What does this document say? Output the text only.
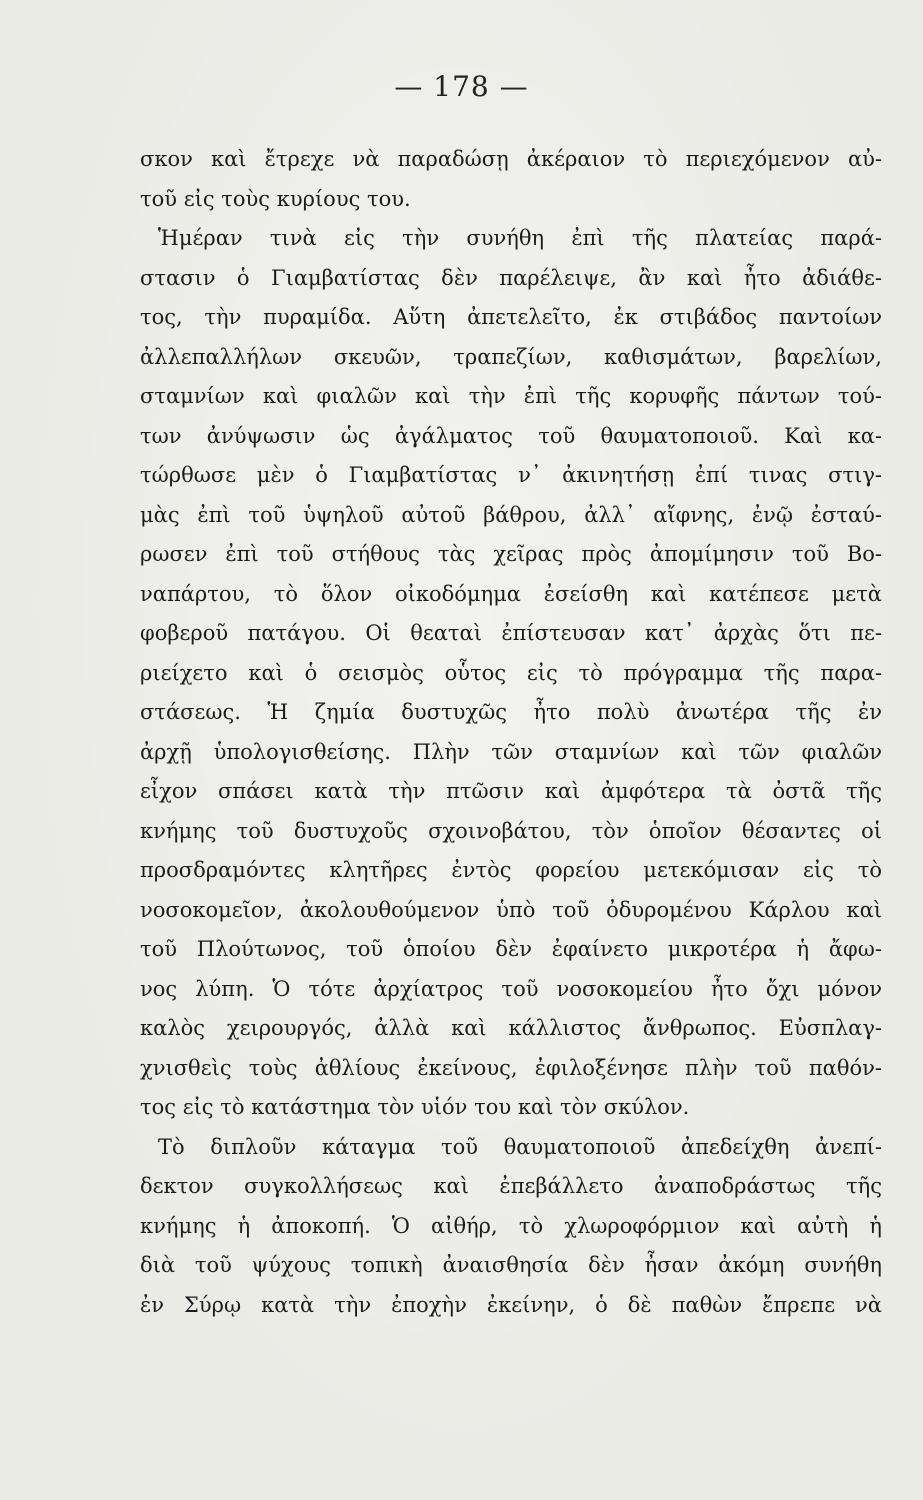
— 178 —
σκον καὶ ἔτρεχε νὰ παραδώσῃ ἀκέραιον τὸ περιεχόμενον αὐ-
τοῦ εἰς τοὺς κυρίους του.
Ἡμέραν τινὰ εἰς τὴν συνήθη ἐπὶ τῆς πλατείας παρά-
στασιν ὁ Γιαμβατίστας δὲν παρέλειψε, ἂν καὶ ἦτο ἀδιάθε-
τος, τὴν πυραμίδα. Αὕτη ἀπετελεῖτο, ἐκ στιβάδος παντοίων
ἀλλεπαλλήλων σκευῶν, τραπεζίων, καθισμάτων, βαρελίων,
σταμνίων καὶ φιαλῶν καὶ τὴν ἐπὶ τῆς κορυφῆς πάντων τού-
των ἀνύψωσιν ὡς ἀγάλματος τοῦ θαυματοποιοῦ. Καὶ κα-
τώρθωσε μὲν ὁ Γιαμβατίστας ν᾽ ἀκινητήσῃ ἐπί τινας στιγ-
μὰς ἐπὶ τοῦ ὑψηλοῦ αὐτοῦ βάθρου, ἀλλ᾽ αἴφνης, ἐνῷ ἐσταύ-
ρωσεν ἐπὶ τοῦ στήθους τὰς χεῖρας πρὸς ἀπομίμησιν τοῦ Βο-
ναπάρτου, τὸ ὅλον οἰκοδόμημα ἐσείσθη καὶ κατέπεσε μετὰ
φοβεροῦ πατάγου. Οἱ θεαταὶ ἐπίστευσαν κατ᾽ ἀρχὰς ὅτι πε-
ριείχετο καὶ ὁ σεισμὸς οὗτος εἰς τὸ πρόγραμμα τῆς παρα-
στάσεως. Ἡ ζημία δυστυχῶς ἦτο πολὺ ἀνωτέρα τῆς ἐν
ἀρχῇ ὑπολογισθείσης. Πλὴν τῶν σταμνίων καὶ τῶν φιαλῶν
εἶχον σπάσει κατὰ τὴν πτῶσιν καὶ ἀμφότερα τὰ ὀστᾶ τῆς
κνήμης τοῦ δυστυχοῦς σχοινοβάτου, τὸν ὁποῖον θέσαντες οἱ
προσδραμόντες κλητῆρες ἐντὸς φορείου μετεκόμισαν εἰς τὸ
νοσοκομεῖον, ἀκολουθούμενον ὑπὸ τοῦ ὀδυρομένου Κάρλου καὶ
τοῦ Πλούτωνος, τοῦ ὁποίου δὲν ἐφαίνετο μικροτέρα ἡ ἄφω-
νος λύπη. Ὁ τότε ἀρχίατρος τοῦ νοσοκομείου ἦτο ὄχι μόνον
καλὸς χειρουργός, ἀλλὰ καὶ κάλλιστος ἄνθρωπος. Εὐσπλαγ-
χνισθεὶς τοὺς ἀθλίους ἐκείνους, ἐφιλοξένησε πλὴν τοῦ παθόν-
τος εἰς τὸ κατάστημα τὸν υἱόν του καὶ τὸν σκύλον.
Τὸ διπλοῦν κάταγμα τοῦ θαυματοποιοῦ ἀπεδείχθη ἀνεπί-
δεκτον συγκολλήσεως καὶ ἐπεβάλλετο ἀναποδράστως τῆς
κνήμης ἡ ἀποκοπή. Ὁ αἰθήρ, τὸ χλωροφόρμιον καὶ αὐτὴ ἡ
διὰ τοῦ ψύχους τοπικὴ ἀναισθησία δὲν ἦσαν ἀκόμη συνήθη
ἐν Σύρῳ κατὰ τὴν ἐποχὴν ἐκείνην, ὁ δὲ παθὼν ἔπρεπε νὰ
